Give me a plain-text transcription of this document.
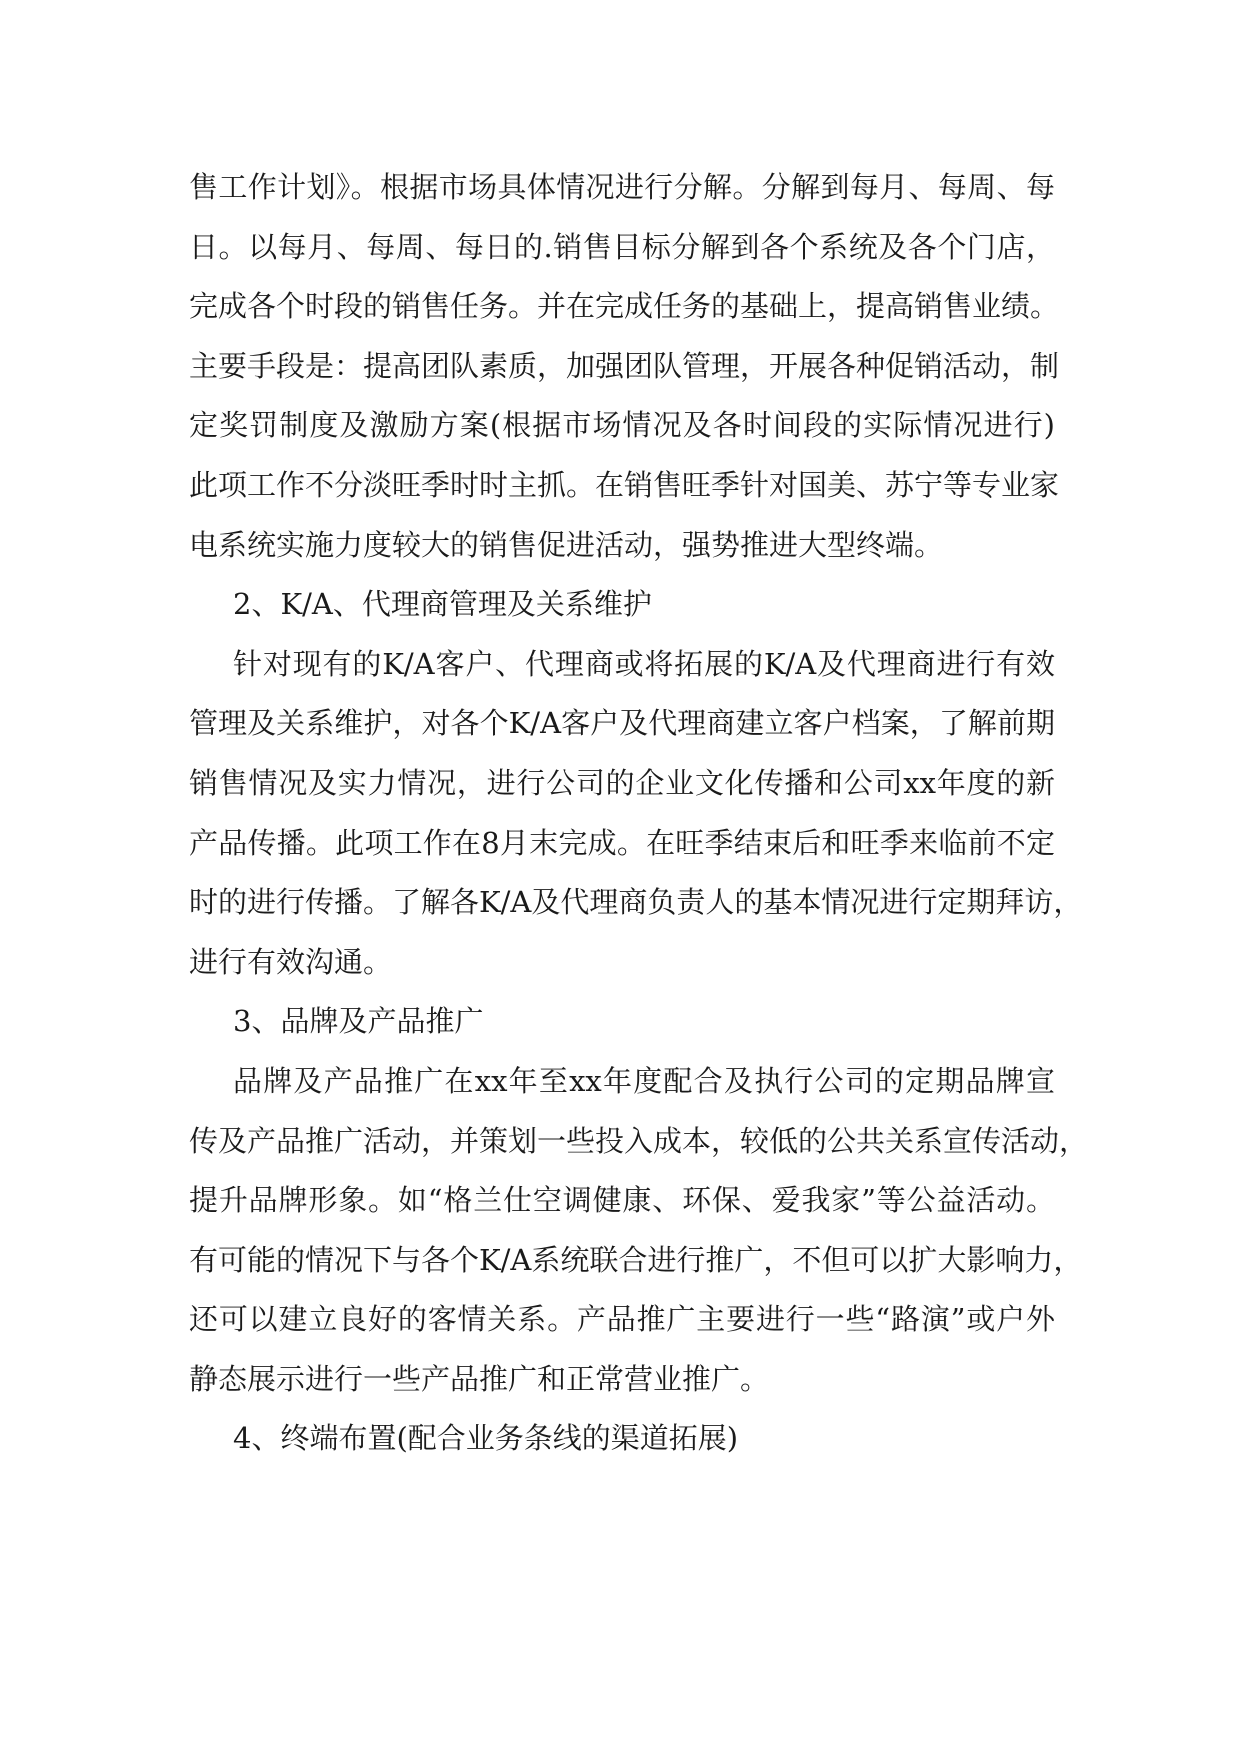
售工作计划》。根据市场具体情况进行分解。分解到每月、每周、每
日。以每月、每周、每日的.销售目标分解到各个系统及各个门店，
完成各个时段的销售任务。并在完成任务的基础上，提高销售业绩。
主要手段是：提高团队素质，加强团队管理，开展各种促销活动，制
定奖罚制度及激励方案(根据市场情况及各时间段的实际情况进行)
此项工作不分淡旺季时时主抓。在销售旺季针对国美、苏宁等专业家
电系统实施力度较大的销售促进活动，强势推进大型终端。
2、K/A、代理商管理及关系维护
针对现有的K/A客户、代理商或将拓展的K/A及代理商进行有效
管理及关系维护，对各个K/A客户及代理商建立客户档案，了解前期
销售情况及实力情况，进行公司的企业文化传播和公司xx年度的新
产品传播。此项工作在8月末完成。在旺季结束后和旺季来临前不定
时的进行传播。了解各K/A及代理商负责人的基本情况进行定期拜访，
进行有效沟通。
3、品牌及产品推广
品牌及产品推广在xx年至xx年度配合及执行公司的定期品牌宣
传及产品推广活动，并策划一些投入成本，较低的公共关系宣传活动，
提升品牌形象。如“格兰仕空调健康、环保、爱我家”等公益活动。
有可能的情况下与各个K/A系统联合进行推广，不但可以扩大影响力，
还可以建立良好的客情关系。产品推广主要进行一些“路演”或户外
静态展示进行一些产品推广和正常营业推广。
4、终端布置(配合业务条线的渠道拓展)
